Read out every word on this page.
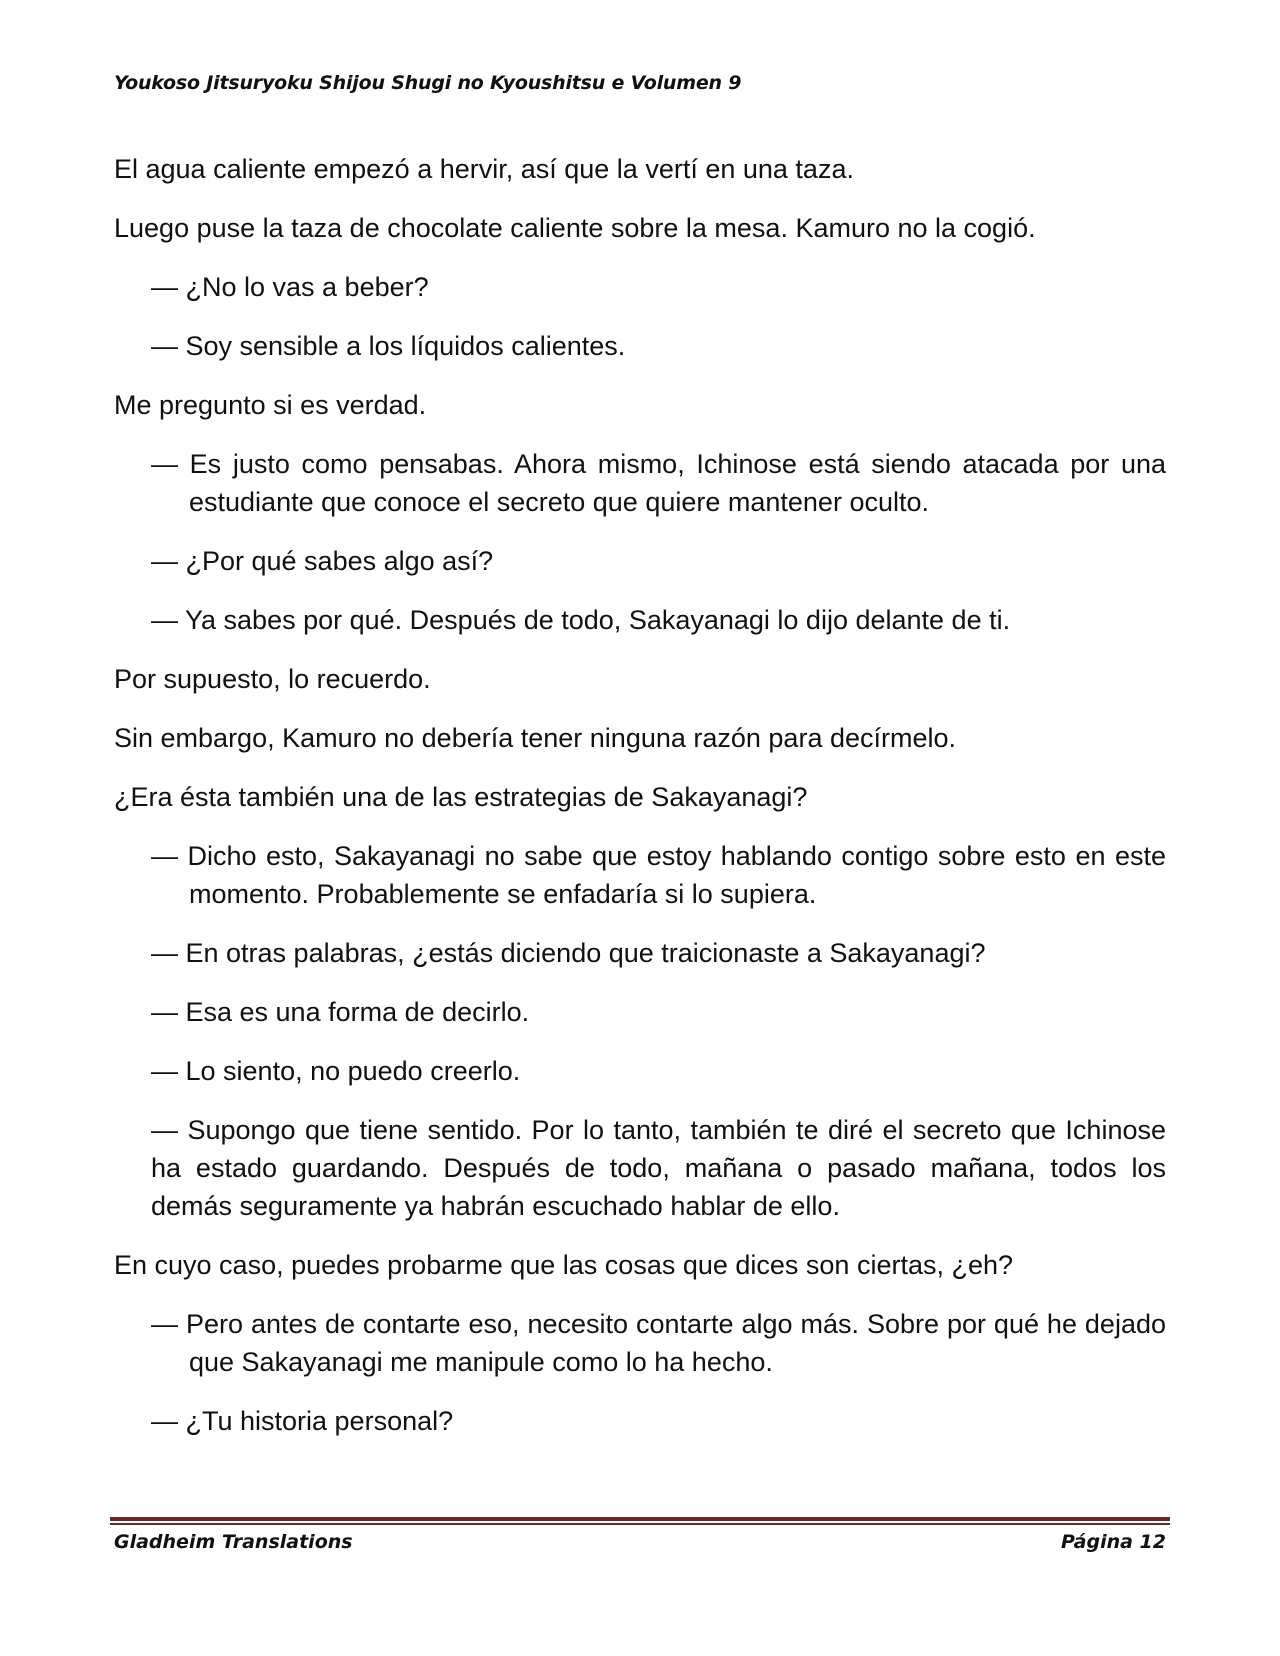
Youkoso Jitsuryoku Shijou Shugi no Kyoushitsu e Volumen 9

El agua caliente empezó a hervir, así que la vertí en una taza.

Luego puse la taza de chocolate caliente sobre la mesa. Kamuro no la cogió.

— ¿No lo vas a beber?

— Soy sensible a los líquidos calientes.

Me pregunto si es verdad.

— Es justo como pensabas. Ahora mismo, Ichinose está siendo atacada por una estudiante que conoce el secreto que quiere mantener oculto.

— ¿Por qué sabes algo así?

— Ya sabes por qué. Después de todo, Sakayanagi lo dijo delante de ti.

Por supuesto, lo recuerdo.

Sin embargo, Kamuro no debería tener ninguna razón para decírmelo.

¿Era ésta también una de las estrategias de Sakayanagi?

— Dicho esto, Sakayanagi no sabe que estoy hablando contigo sobre esto en este momento. Probablemente se enfadaría si lo supiera.

— En otras palabras, ¿estás diciendo que traicionaste a Sakayanagi?

— Esa es una forma de decirlo.

— Lo siento, no puedo creerlo.

— Supongo que tiene sentido. Por lo tanto, también te diré el secreto que Ichinose ha estado guardando. Después de todo, mañana o pasado mañana, todos los demás seguramente ya habrán escuchado hablar de ello.

En cuyo caso, puedes probarme que las cosas que dices son ciertas, ¿eh?

— Pero antes de contarte eso, necesito contarte algo más. Sobre por qué he dejado que Sakayanagi me manipule como lo ha hecho.

— ¿Tu historia personal?

Gladheim Translations	Página 12
